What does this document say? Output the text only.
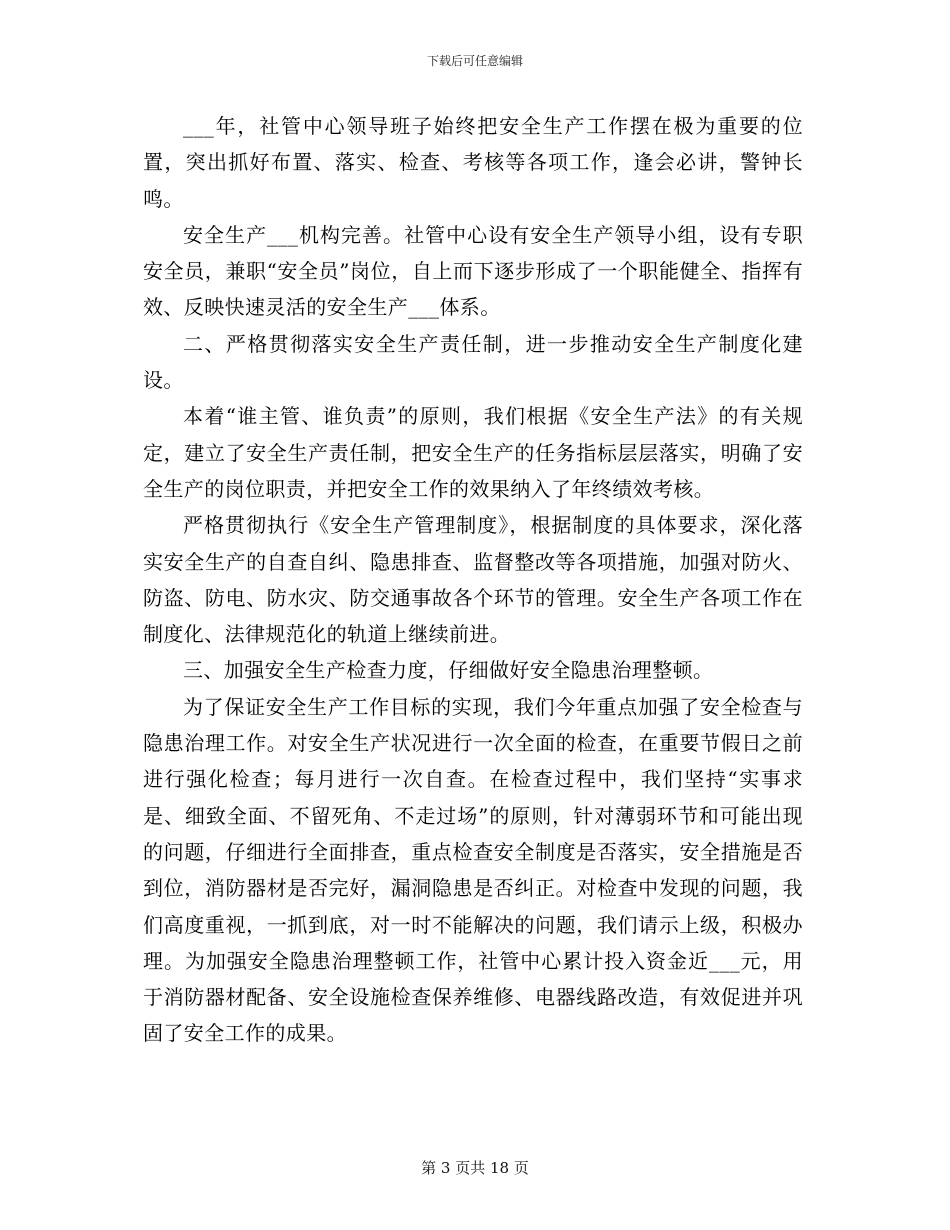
下载后可任意编辑

___年，社管中心领导班子始终把安全生产工作摆在极为重要的位置，突出抓好布置、落实、检查、考核等各项工作，逢会必讲，警钟长鸣。

安全生产___机构完善。社管中心设有安全生产领导小组，设有专职安全员，兼职“安全员”岗位，自上而下逐步形成了一个职能健全、指挥有效、反映快速灵活的安全生产___体系。

二、严格贯彻落实安全生产责任制，进一步推动安全生产制度化建设。

本着“谁主管、谁负责”的原则，我们根据《安全生产法》的有关规定，建立了安全生产责任制，把安全生产的任务指标层层落实，明确了安全生产的岗位职责，并把安全工作的效果纳入了年终绩效考核。

严格贯彻执行《安全生产管理制度》，根据制度的具体要求，深化落实安全生产的自查自纠、隐患排查、监督整改等各项措施，加强对防火、防盗、防电、防水灾、防交通事故各个环节的管理。安全生产各项工作在制度化、法律规范化的轨道上继续前进。

三、加强安全生产检查力度，仔细做好安全隐患治理整顿。

为了保证安全生产工作目标的实现，我们今年重点加强了安全检查与隐患治理工作。对安全生产状况进行一次全面的检查，在重要节假日之前进行强化检查；每月进行一次自查。在检查过程中，我们坚持“实事求是、细致全面、不留死角、不走过场”的原则，针对薄弱环节和可能出现的问题，仔细进行全面排查，重点检查安全制度是否落实，安全措施是否到位，消防器材是否完好，漏洞隐患是否纠正。对检查中发现的问题，我们高度重视，一抓到底，对一时不能解决的问题，我们请示上级，积极办理。为加强安全隐患治理整顿工作，社管中心累计投入资金近___元，用于消防器材配备、安全设施检查保养维修、电器线路改造，有效促进并巩固了安全工作的成果。

第 3 页共 18 页
